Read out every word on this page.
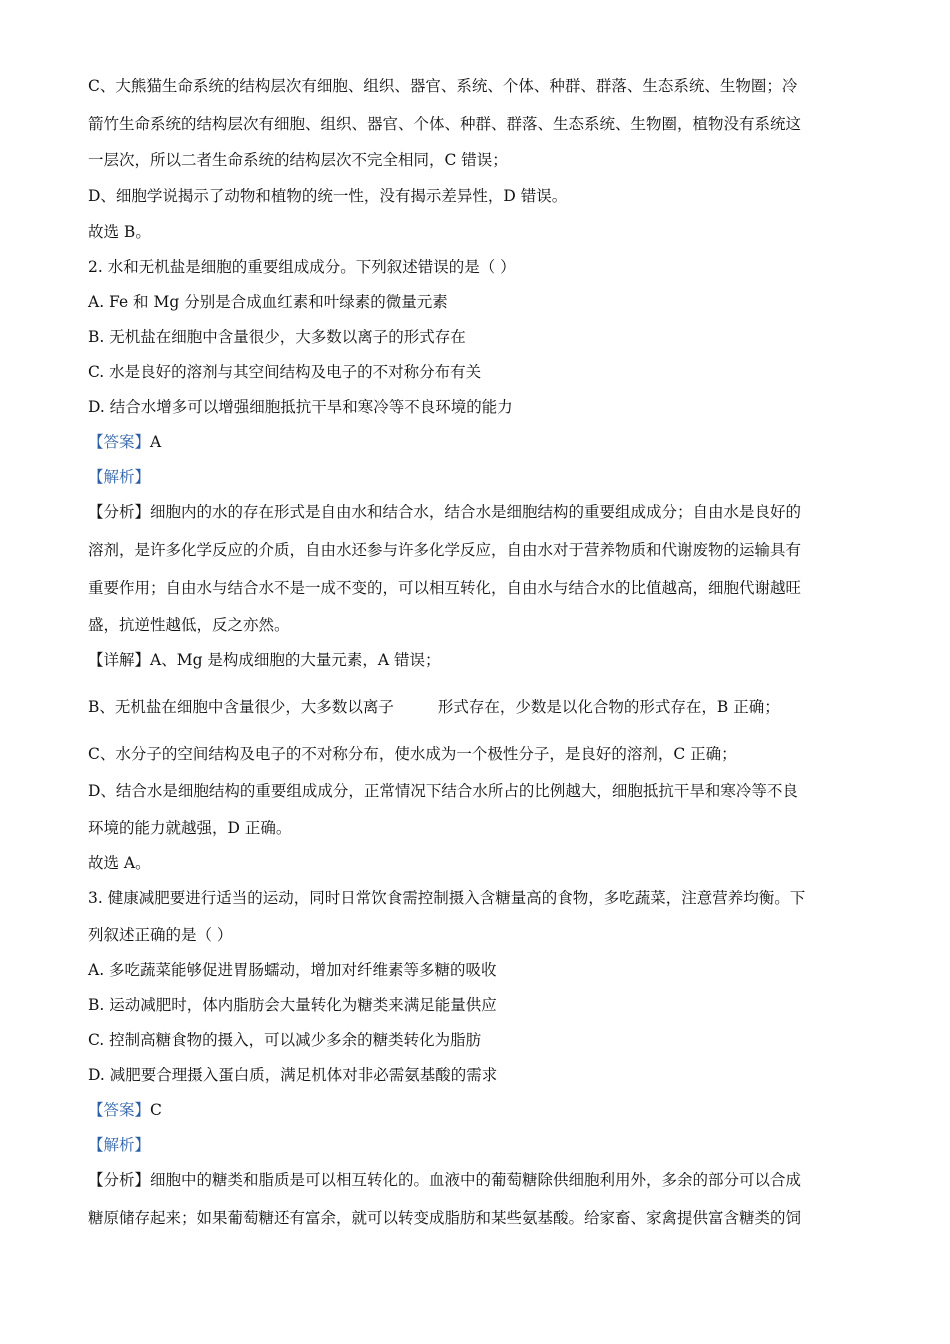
C、大熊猫生命系统的结构层次有细胞、组织、器官、系统、个体、种群、群落、生态系统、生物圈；冷
箭竹生命系统的结构层次有细胞、组织、器官、个体、种群、群落、生态系统、生物圈，植物没有系统这
一层次，所以二者生命系统的结构层次不完全相同，C 错误；
D、细胞学说揭示了动物和植物的统一性，没有揭示差异性，D 错误。
故选 B。
2. 水和无机盐是细胞的重要组成成分。下列叙述错误的是（ ）
A. Fe 和 Mg 分别是合成血红素和叶绿素的微量元素
B. 无机盐在细胞中含量很少，大多数以离子的形式存在
C. 水是良好的溶剂与其空间结构及电子的不对称分布有关
D. 结合水增多可以增强细胞抵抗干旱和寒冷等不良环境的能力
【答案】A
【解析】
【分析】细胞内的水的存在形式是自由水和结合水，结合水是细胞结构的重要组成成分；自由水是良好的
溶剂，是许多化学反应的介质，自由水还参与许多化学反应，自由水对于营养物质和代谢废物的运输具有
重要作用；自由水与结合水不是一成不变的，可以相互转化，自由水与结合水的比值越高，细胞代谢越旺
盛，抗逆性越低，反之亦然。
【详解】A、Mg 是构成细胞的大量元素，A 错误；
B、无机盐在细胞中含量很少，大多数以离子	形式存在，少数是以化合物的形式存在，B 正确；
C、水分子的空间结构及电子的不对称分布，使水成为一个极性分子，是良好的溶剂，C 正确；
D、结合水是细胞结构的重要组成成分，正常情况下结合水所占的比例越大，细胞抵抗干旱和寒冷等不良
环境的能力就越强，D 正确。
故选 A。
3. 健康减肥要进行适当的运动，同时日常饮食需控制摄入含糖量高的食物，多吃蔬菜，注意营养均衡。下
列叙述正确的是（ ）
A. 多吃蔬菜能够促进胃肠蠕动，增加对纤维素等多糖的吸收
B. 运动减肥时，体内脂肪会大量转化为糖类来满足能量供应
C. 控制高糖食物的摄入，可以减少多余的糖类转化为脂肪
D. 减肥要合理摄入蛋白质，满足机体对非必需氨基酸的需求
【答案】C
【解析】
【分析】细胞中的糖类和脂质是可以相互转化的。血液中的葡萄糖除供细胞利用外，多余的部分可以合成
糖原储存起来；如果葡萄糖还有富余，就可以转变成脂肪和某些氨基酸。给家畜、家禽提供富含糖类的饲
